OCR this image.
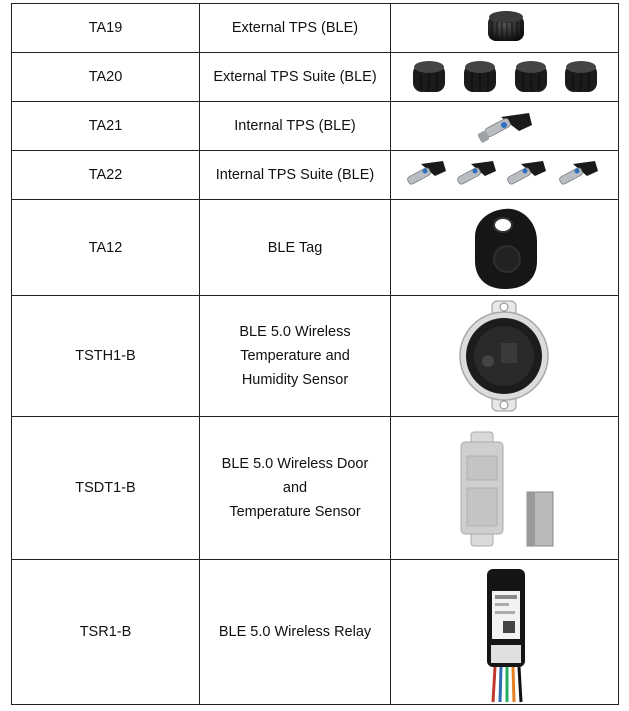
TA19	External TPS (BLE)

TA20	External TPS Suite (BLE)

TA21	Internal TPS (BLE)

TA22	Internal TPS Suite (BLE)

TA12	BLE Tag

TSTH1-B	BLE 5.0 Wireless
Temperature and
Humidity Sensor

TSDT1-B	BLE 5.0 Wireless Door and
Temperature Sensor

TSR1-B	BLE 5.0 Wireless Relay
